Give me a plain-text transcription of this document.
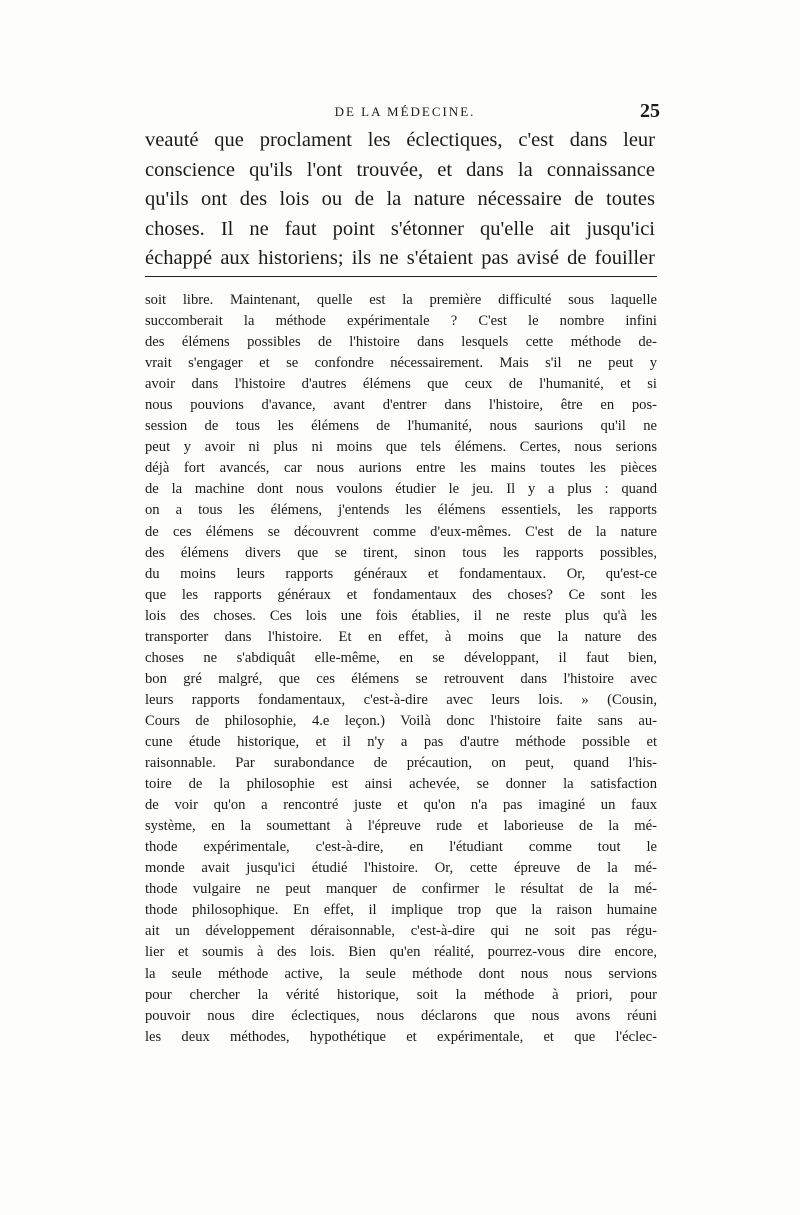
DE LA MÉDECINE.	25
veauté que proclament les éclectiques, c'est dans leur
conscience qu'ils l'ont trouvée, et dans la connaissance
qu'ils ont des lois ou de la nature nécessaire de toutes
choses. Il ne faut point s'étonner qu'elle ait jusqu'ici
échappé aux historiens; ils ne s'étaient pas avisé de fouiller
soit libre. Maintenant, quelle est la première difficulté sous laquelle
succomberait la méthode expérimentale ? C'est le nombre infini
des élémens possibles de l'histoire dans lesquels cette méthode de-
vrait s'engager et se confondre nécessairement. Mais s'il ne peut y
avoir dans l'histoire d'autres élémens que ceux de l'humanité, et si
nous pouvions d'avance, avant d'entrer dans l'histoire, être en pos-
session de tous les élémens de l'humanité, nous saurions qu'il ne
peut y avoir ni plus ni moins que tels élémens. Certes, nous serions
déjà fort avancés, car nous aurions entre les mains toutes les pièces
de la machine dont nous voulons étudier le jeu. Il y a plus : quand
on a tous les élémens, j'entends les élémens essentiels, les rapports
de ces élémens se découvrent comme d'eux-mêmes. C'est de la nature
des élémens divers que se tirent, sinon tous les rapports possibles,
du moins leurs rapports généraux et fondamentaux. Or, qu'est-ce
que les rapports généraux et fondamentaux des choses? Ce sont les
lois des choses. Ces lois une fois établies, il ne reste plus qu'à les
transporter dans l'histoire. Et en effet, à moins que la nature des
choses ne s'abdiquât elle-même, en se développant, il faut bien,
bon gré malgré, que ces élémens se retrouvent dans l'histoire avec
leurs rapports fondamentaux, c'est-à-dire avec leurs lois. » (Cousin,
Cours de philosophie, 4.e leçon.) Voilà donc l'histoire faite sans au-
cune étude historique, et il n'y a pas d'autre méthode possible et
raisonnable. Par surabondance de précaution, on peut, quand l'his-
toire de la philosophie est ainsi achevée, se donner la satisfaction
de voir qu'on a rencontré juste et qu'on n'a pas imaginé un faux
système, en la soumettant à l'épreuve rude et laborieuse de la mé-
thode expérimentale, c'est-à-dire, en l'étudiant comme tout le
monde avait jusqu'ici étudié l'histoire. Or, cette épreuve de la mé-
thode vulgaire ne peut manquer de confirmer le résultat de la mé-
thode philosophique. En effet, il implique trop que la raison humaine
ait un développement déraisonnable, c'est-à-dire qui ne soit pas régu-
lier et soumis à des lois. Bien qu'en réalité, pourrez-vous dire encore,
la seule méthode active, la seule méthode dont nous nous servions
pour chercher la vérité historique, soit la méthode à priori, pour
pouvoir nous dire éclectiques, nous déclarons que nous avons réuni
les deux méthodes, hypothétique et expérimentale, et que l'éclec-
